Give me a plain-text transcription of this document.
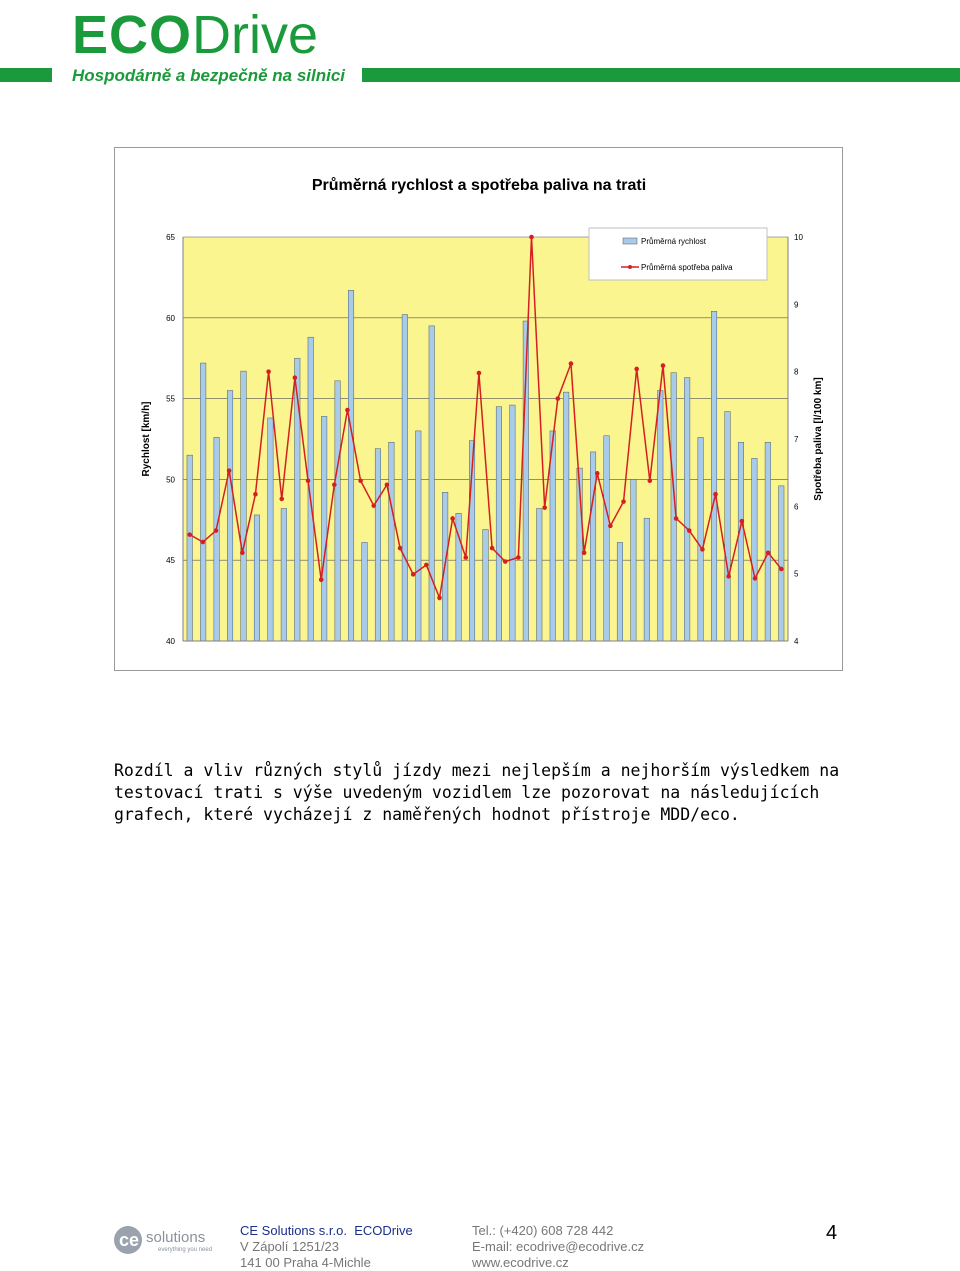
ECODrive
Hospodárně a bezpečně na silnici
Průměrná rychlost a spotřeba paliva na trati
40
45
50
55
60
65
4
5
6
7
8
9
10
Rychlost [km/h]	Spotřeba paliva [l/100 km]
Průměrná rychlost
Průměrná spotřeba paliva
Rozdíl a vliv různých stylů jízdy mezi nejlepším a nejhorším výsledkem na testovací trati s výše uvedeným vozidlem lze pozorovat na následujících grafech, které vycházejí z naměřených hodnot přístroje MDD/eco.
ce solutions
everything you need
CE Solutions s.r.o. ECODrive
V Zápolí 1251/23
141 00 Praha 4-Michle
Tel.: (+420) 608 728 442
E-mail: ecodrive@ecodrive.cz
www.ecodrive.cz
4
